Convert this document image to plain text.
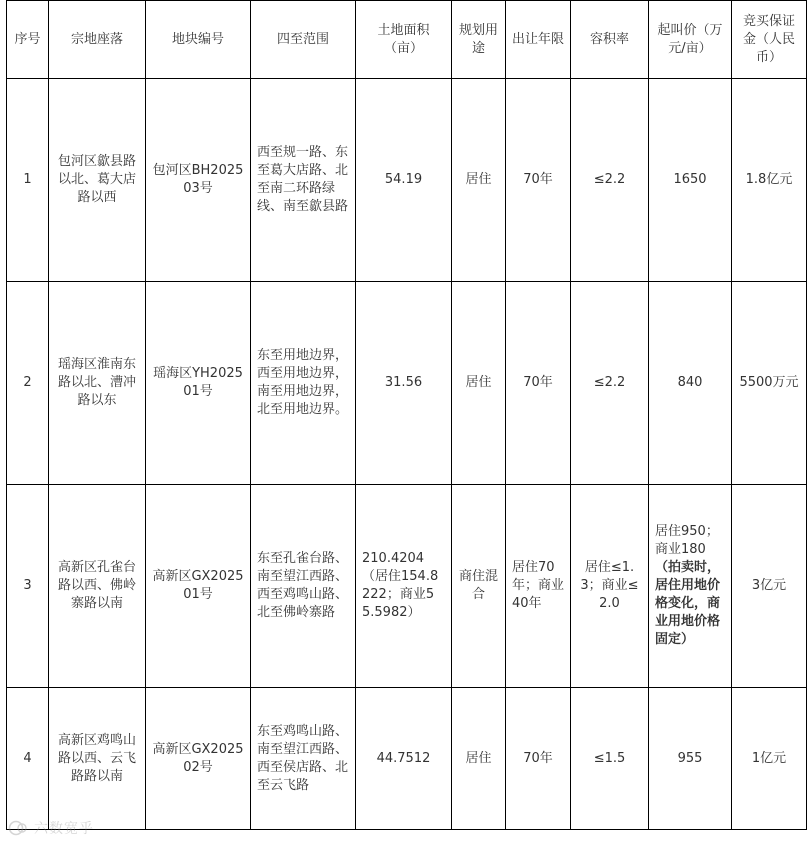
序号	宗地座落	地块编号	四至范围	土地面积（亩）	规划用途	出让年限	容积率	起叫价（万元/亩）	竞买保证金（人民币）
1	包河区歙县路以北、葛大店路以西	包河区BH202503号	西至规一路、东至葛大店路、北至南二环路绿线、南至歙县路	54.19	居住	70年	≤2.2	1650	1.8亿元
2	瑶海区淮南东路以北、漕冲路以东	瑶海区YH202501号	东至用地边界，西至用地边界，南至用地边界，北至用地边界。	31.56	居住	70年	≤2.2	840	5500万元
3	高新区孔雀台路以西、佛岭寨路以南	高新区GX202501号	东至孔雀台路、南至望江西路、西至鸡鸣山路、北至佛岭寨路	210.4204（居住154.8222；商业55.5982）	商住混合	居住70年；商业40年	居住≤1.3；商业≤2.0	居住950；商业180（拍卖时，居住用地价格变化，商业用地价格固定）	3亿元
4	高新区鸡鸣山路以西、云飞路路以南	高新区GX202502号	东至鸡鸣山路、南至望江西路、西至侯店路、北至云飞路	44.7512	居住	70年	≤1.5	955	1亿元
六数宽乎
